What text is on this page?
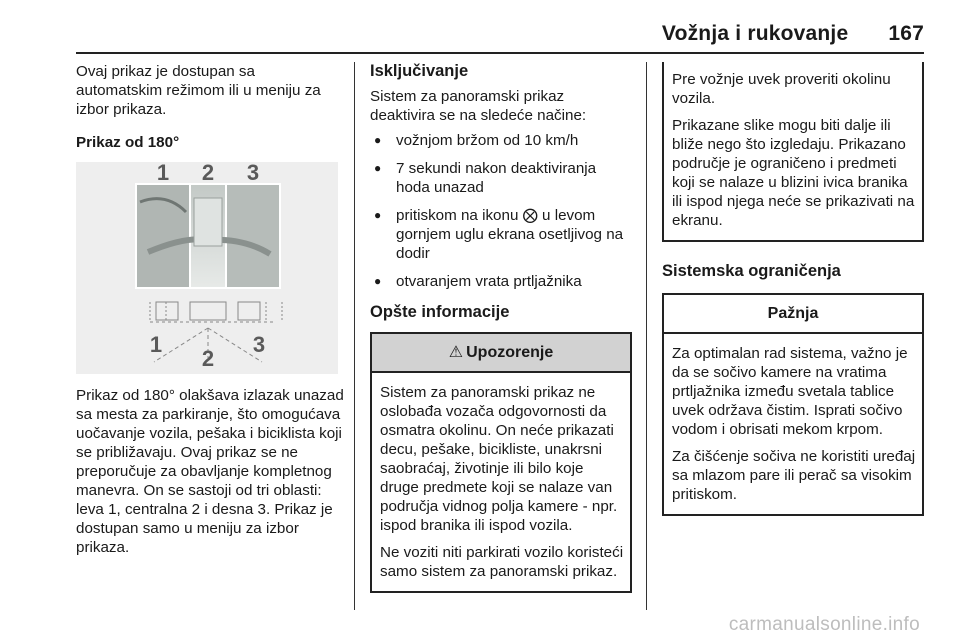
Vožnja i rukovanje 167

Ovaj prikaz je dostupan sa automatskim režimom ili u meniju za izbor prikaza.

Prikaz od 180°
1 2 3
1
2
3

Prikaz od 180° olakšava izlazak unazad sa mesta za parkiranje, što omogućava uočavanje vozila, pešaka i biciklista koji se približavaju. Ovaj prikaz se ne preporučuje za obavljanje kompletnog manevra. On se sastoji od tri oblasti: leva 1, centralna 2 i desna 3. Prikaz je dostupan samo u meniju za izbor prikaza.

Isključivanje

Sistem za panoramski prikaz deaktivira se na sledeće načine:

● vožnjom bržom od 10 km/h
● 7 sekundi nakon deaktiviranja hoda unazad
● pritiskom na ikonu ⨂ u levom gornjem uglu ekrana osetljivog na dodir
● otvaranjem vrata prtljažnika
Opšte informacije
⚠ Upozorenje

Sistem za panoramski prikaz ne oslobađa vozača odgovornosti da osmatra okolinu. On neće prikazati decu, pešake, bicikliste, unakrsni saobraćaj, životinje ili bilo koje druge predmete koji se nalaze van područja vidnog polja kamere - npr. ispod branika ili ispod vozila.

Ne voziti niti parkirati vozilo koristeći samo sistem za panoramski prikaz.

Pre vožnje uvek proveriti okolinu vozila.

Prikazane slike mogu biti dalje ili bliže nego što izgledaju. Prikazano područje je ograničeno i predmeti koji se nalaze u blizini ivica branika ili ispod njega neće se prikazivati na ekranu.

Sistemska ograničenja
Pažnja

Za optimalan rad sistema, važno je da se sočivo kamere na vratima prtljažnika između svetala tablice uvek održava čistim. Isprati sočivo vodom i obrisati mekom krpom.

Za čišćenje sočiva ne koristiti uređaj sa mlazom pare ili perač sa visokim pritiskom.

carmanualsonline.info
